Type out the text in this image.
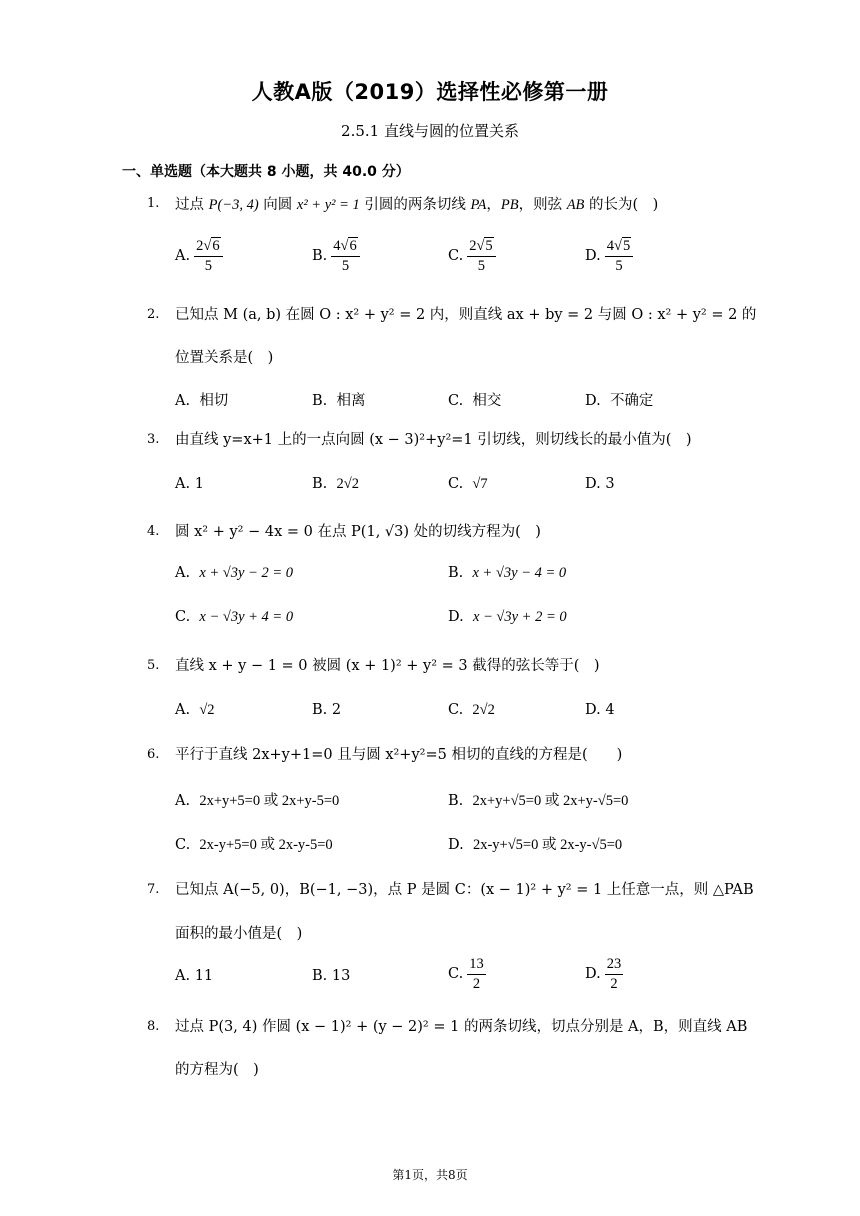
人教A版（2019）选择性必修第一册
2.5.1 直线与圆的位置关系
一、单选题（本大题共 8 小题，共 40.0 分）
1. 过点 P(−3, 4) 向圆 x² + y² = 1 引圆的两条切线 PA，PB，则弦 AB 的长为(　)
A. $\frac{2√6}{5}$	B. $\frac{4√6}{5}$	C. $\frac{2√5}{5}$	D. $\frac{4√5}{5}$
2. 已知点 M (a, b) 在圆 O : x² + y² = 2 内，则直线 ax + by = 2 与圆 O : x² + y² = 2 的
位置关系是(　)
A. 相切	B. 相离	C. 相交	D. 不确定
3. 由直线 y=x+1 上的一点向圆 (x − 3)²+y²=1 引切线，则切线长的最小值为(　)
A. 1	B. 2√2	C. √7	D. 3
4. 圆 x² + y² − 4x = 0 在点 P(1, √3) 处的切线方程为(　)
A. x + √3y − 2 = 0	B. x + √3y − 4 = 0
C. x − √3y + 4 = 0	D. x − √3y + 2 = 0
5. 直线 x + y − 1 = 0 被圆 (x + 1)² + y² = 3 截得的弦长等于(　)
A. √2	B. 2	C. 2√2	D. 4
6. 平行于直线 2x+y+1=0 且与圆 x²+y²=5 相切的直线的方程是(　　)
A. 2x+y+5=0 或 2x+y-5=0	B. 2x+y+√5=0 或 2x+y-√5=0
C. 2x-y+5=0 或 2x-y-5=0	D. 2x-y+√5=0 或 2x-y-√5=0
7. 已知点 A(−5, 0)，B(−1, −3)，点 P 是圆 C：(x − 1)² + y² = 1 上任意一点，则 △PAB
面积的最小值是(　)
A. 11	B. 13	C. $\frac{13}{2}$	D. $\frac{23}{2}$
8. 过点 P(3, 4) 作圆 (x − 1)² + (y − 2)² = 1 的两条切线，切点分别是 A，B，则直线 AB
的方程为(　)
第1页，共8页
